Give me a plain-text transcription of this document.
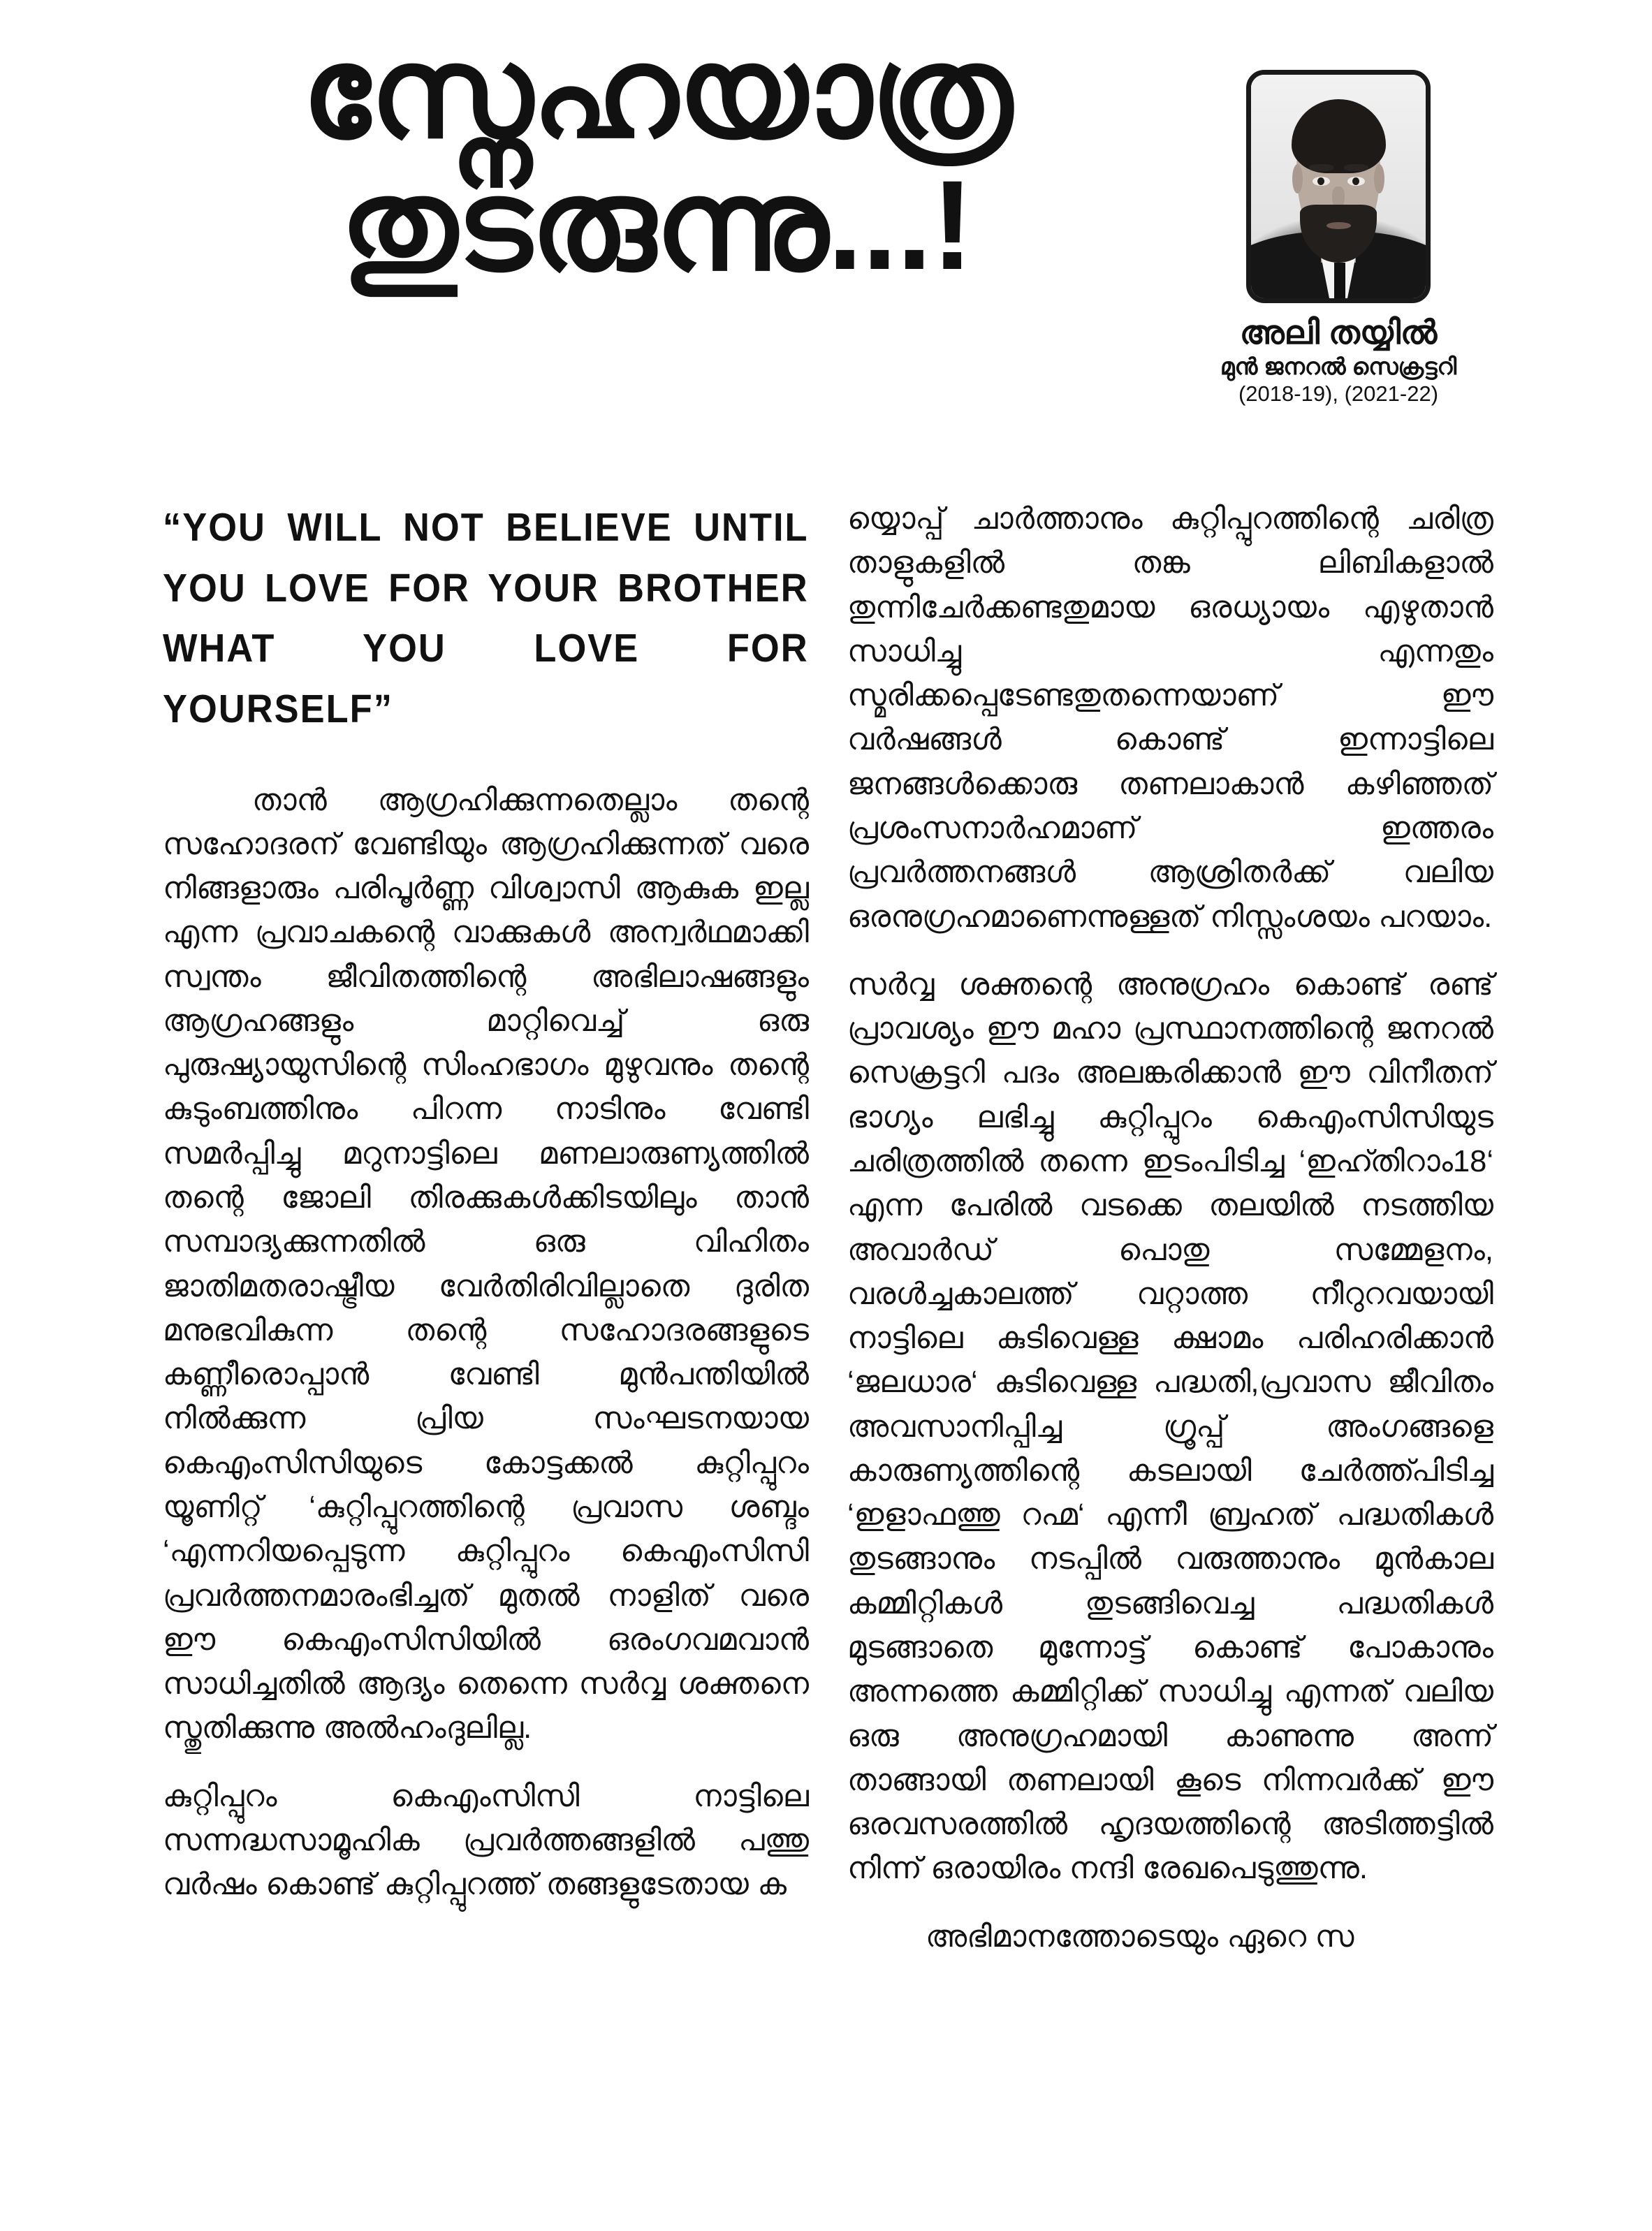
സ്നേഹയാത്ര
തുടരുന്നു...!
അലി തയ്യിൽ
മുൻ ജനറൽ സെക്രട്ടറി
(2018-19), (2021-22)
“YOU WILL NOT BELIEVE UNTIL YOU LOVE FOR YOUR BROTHER WHAT YOU LOVE FOR YOURSELF”

താൻ ആഗ്രഹിക്കുന്നതെല്ലാം തന്റെ സഹോദരന് വേണ്ടിയും ആഗ്രഹിക്കുന്നത് വരെ നിങ്ങളാരും പരിപൂർണ്ണ വിശ്വാസി ആകുക ഇല്ല എന്ന പ്രവാചകന്റെ വാക്കുകൾ അന്വർഥമാക്കി സ്വന്തം ജീവിതത്തിന്റെ അഭിലാഷങ്ങളും ആഗ്രഹങ്ങളും മാറ്റിവെച്ച് ഒരു പുരുഷ്യായുസിന്റെ സിംഹഭാഗം മുഴുവനും തന്റെ കുടുംബത്തിനും പിറന്ന നാടിനും വേണ്ടി സമർപ്പിച്ചു മറുനാട്ടിലെ മണലാരുണ്യത്തിൽ തന്റെ ജോലി തിരക്കുകൾക്കിടയിലും താൻ സമ്പാദ്യക്കുന്നതിൽ ഒരു വിഹിതം ജാതിമതരാഷ്ട്രീയ വേർതിരിവില്ലാതെ ദുരിത മനുഭവികുന്ന തന്റെ സഹോദരങ്ങളുടെ കണ്ണീരൊപ്പാൻ വേണ്ടി മുൻപന്തിയിൽ നിൽക്കുന്ന പ്രിയ സംഘടനയായ കെഎംസിസിയുടെ കോട്ടക്കൽ കുറ്റിപ്പുറം യൂണിറ്റ് ‘കുറ്റിപ്പുറത്തിന്റെ പ്രവാസ ശബ്ദം ‘എന്നറിയപ്പെടുന്ന കുറ്റിപ്പുറം കെഎംസിസി പ്രവർത്തനമാരംഭിച്ചത് മുതൽ നാളിത് വരെ ഈ കെഎംസിസിയിൽ ഒരംഗവമവാൻ സാധിച്ചതിൽ ആദ്യം തെന്നെ സർവ്വ ശക്തനെ സ്തുതിക്കുന്നു അൽഹംദുലില്ല.

കുറ്റിപ്പുറം കെഎംസിസി നാട്ടിലെ സന്നദ്ധസാമൂഹിക പ്രവർത്തങ്ങളിൽ പത്തു വർഷം കൊണ്ട് കുറ്റിപ്പുറത്ത് തങ്ങളുടേതായ ക

യ്യൊപ്പ് ചാർത്താനും കുറ്റിപ്പുറത്തിന്റെ ചരിത്ര താളുകളിൽ തങ്ക ലിബികളാൽ തുന്നിചേർക്കണ്ടതുമായ ഒരധ്യായം എഴുതാൻ സാധിച്ചു എന്നതും സ്മരിക്കപ്പെടേണ്ടതുതന്നെയാണ് ഈ വർഷങ്ങൾ കൊണ്ട് ഇന്നാട്ടിലെ ജനങ്ങൾക്കൊരു തണലാകാൻ കഴിഞ്ഞത് പ്രശംസനാർഹമാണ് ഇത്തരം പ്രവർത്തനങ്ങൾ ആശ്രിതർക്ക് വലിയ ഒരനുഗ്രഹമാണെന്നുള്ളത് നിസ്സംശയം പറയാം.

സർവ്വ ശക്തന്റെ അനുഗ്രഹം കൊണ്ട് രണ്ട് പ്രാവശ്യം ഈ മഹാ പ്രസ്ഥാനത്തിന്റെ ജനറൽ സെക്രട്ടറി പദം അലങ്കരിക്കാൻ ഈ വിനീതന് ഭാഗ്യം ലഭിച്ചു കുറ്റിപ്പുറം കെഎംസിസിയുട ചരിത്രത്തിൽ തന്നെ ഇടംപിടിച്ച ‘ഇഹ്തിറാം18‘ എന്ന പേരിൽ വടക്കെ തലയിൽ നടത്തിയ അവാർഡ് പൊതു സമ്മേളനം, വരൾച്ചകാലത്ത് വറ്റാത്ത നീറുറവയായി നാട്ടിലെ കുടിവെള്ള ക്ഷാമം പരിഹരിക്കാൻ ‘ജലധാര‘ കുടിവെള്ള പദ്ധതി,പ്രവാസ ജീവിതം അവസാനിപ്പിച്ച ഗ്രൂപ്പ് അംഗങ്ങളെ കാരുണ്യത്തിന്റെ കടലായി ചേർത്ത്പിടിച്ച ‘ഇളാഫത്തു റഹ്മ‘ എന്നീ ബ്രഹത് പദ്ധതികൾ തുടങ്ങാനും നടപ്പിൽ വരുത്താനും മുൻകാല കമ്മിറ്റികൾ തുടങ്ങിവെച്ച പദ്ധതികൾ മുടങ്ങാതെ മുന്നോട്ട് കൊണ്ട് പോകാനും അന്നത്തെ കമ്മിറ്റിക്ക് സാധിച്ചു എന്നത് വലിയ ഒരു അനുഗ്രഹമായി കാണുന്നു അന്ന് താങ്ങായി തണലായി കൂടെ നിന്നവർക്ക് ഈ ഒരവസരത്തിൽ ഹൃദയത്തിന്റെ അടിത്തട്ടിൽ നിന്ന് ഒരായിരം നന്ദി രേഖപെടുത്തുന്നു.

അഭിമാനത്തോടെയും ഏറെ സ
